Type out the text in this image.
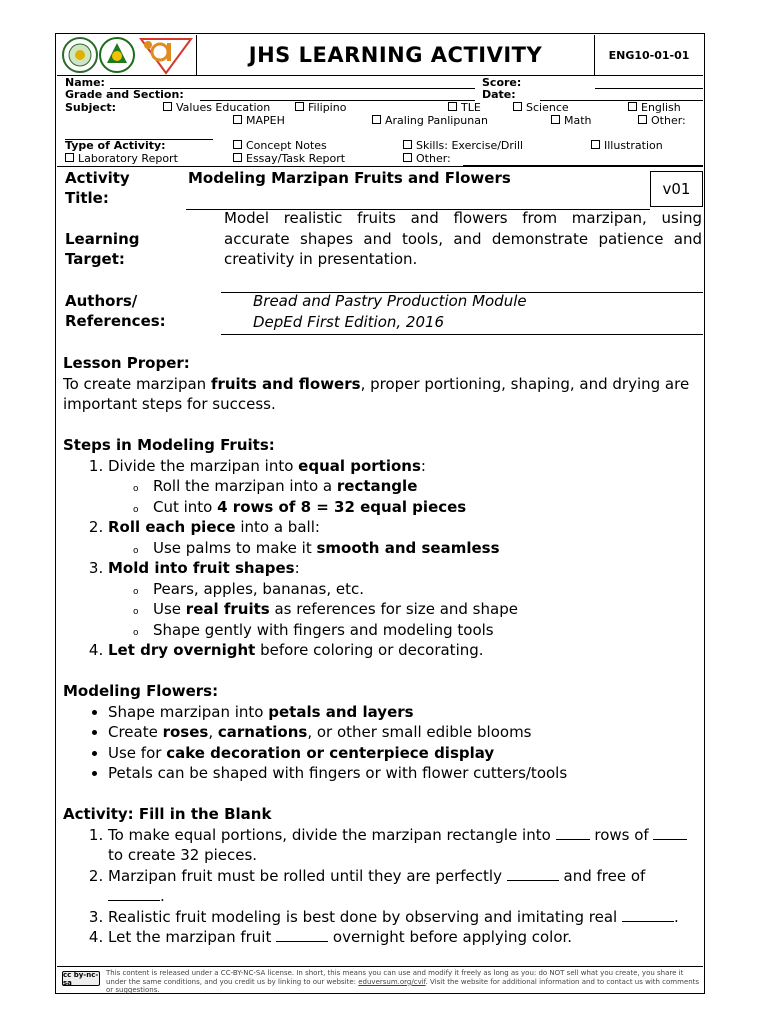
JHS LEARNING ACTIVITY	ENG10-01-01
Name:	Score:
Grade and Section:	Date:
Subject:	Values Education	Filipino	TLE	Science	English
MAPEH	Araling Panlipunan	Math	Other:
Type of Activity:	Concept Notes	Skills: Exercise/Drill	Illustration
Laboratory Report	Essay/Task Report	Other:
Activity
Title:
Modeling Marzipan Fruits and Flowers
v01
Learning
Target:
Model realistic fruits and flowers from marzipan, using accurate shapes and tools, and demonstrate patience and creativity in presentation.
Authors/
References:
Bread and Pastry Production Module
DepEd First Edition, 2016

Lesson Proper:

To create marzipan fruits and flowers, proper portioning, shaping, and drying are important steps for success.

Steps in Modeling Fruits:

1. Divide the marzipan into equal portions:
o Roll the marzipan into a rectangle
o Cut into 4 rows of 8 = 32 equal pieces
2. Roll each piece into a ball:
o Use palms to make it smooth and seamless
3. Mold into fruit shapes:
o Pears, apples, bananas, etc.
o Use real fruits as references for size and shape
o Shape gently with fingers and modeling tools
4. Let dry overnight before coloring or decorating.

Modeling Flowers:

• Shape marzipan into petals and layers
• Create roses, carnations, or other small edible blooms
• Use for cake decoration or centerpiece display
• Petals can be shaped with fingers or with flower cutters/tools

Activity: Fill in the Blank

1. To make equal portions, divide the marzipan rectangle into	rows of  to create 32 pieces.
2. Marzipan fruit must be rolled until they are perfectly	and free of .
3. Realistic fruit modeling is best done by observing and imitating real	.
4. Let the marzipan fruit	overnight before applying color.
cc by-nc-sa
This content is released under a CC-BY-NC-SA license. In short, this means you can use and modify it freely as long as you: do NOT sell what you create, you share it under the same conditions, and you credit us by linking to our website: eduversum.org/cvif. Visit the website for additional information and to contact us with comments or suggestions.
